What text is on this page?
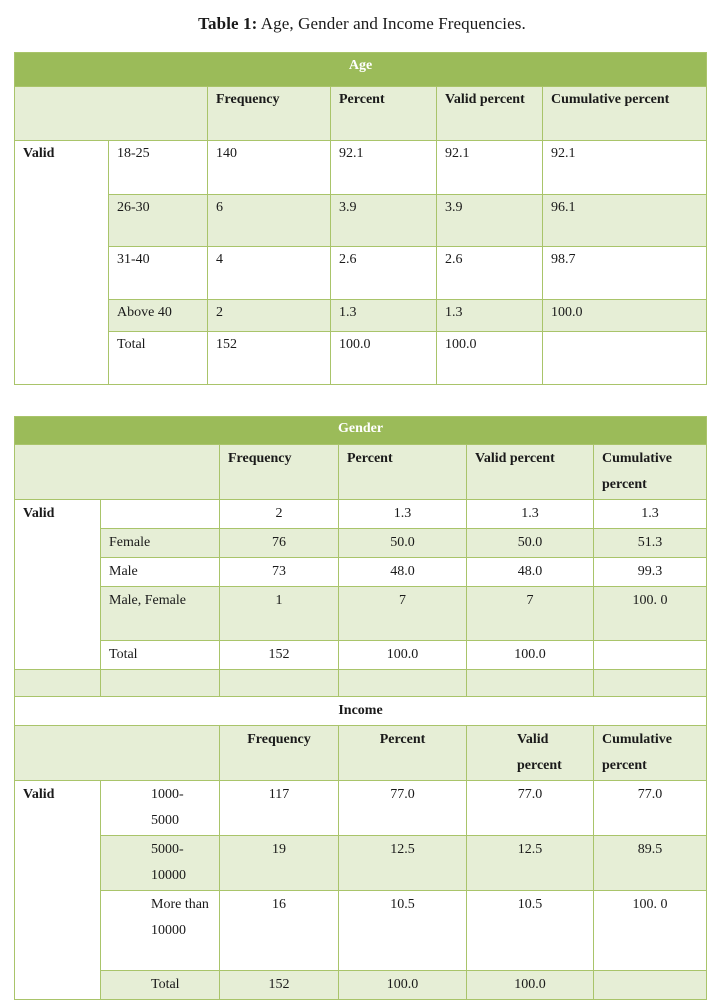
Table 1: Age, Gender and Income Frequencies.
Age					
		Frequency	Percent	Valid percent	Cumulative percent
Valid	18-25	140	92.1	92.1	92.1
	26-30	6	3.9	3.9	96.1
	31-40	4	2.6	2.6	98.7
	Above 40	2	1.3	1.3	100.0
	Total	152	100.0	100.0	
Gender					
		Frequency	Percent	Valid percent	Cumulative percent
Valid		2	1.3	1.3	1.3
	Female	76	50.0	50.0	51.3
	Male	73	48.0	48.0	99.3
	Male, Female	1	7	7	100. 0
	Total	152	100.0	100.0	

Income					
		Frequency	Percent	Valid percent	Cumulative percent
Valid	1000- 5000	117	77.0	77.0	77.0
	5000- 10000	19	12.5	12.5	89.5
	More than 10000	16	10.5	10.5	100. 0
	Total	152	100.0	100.0	
